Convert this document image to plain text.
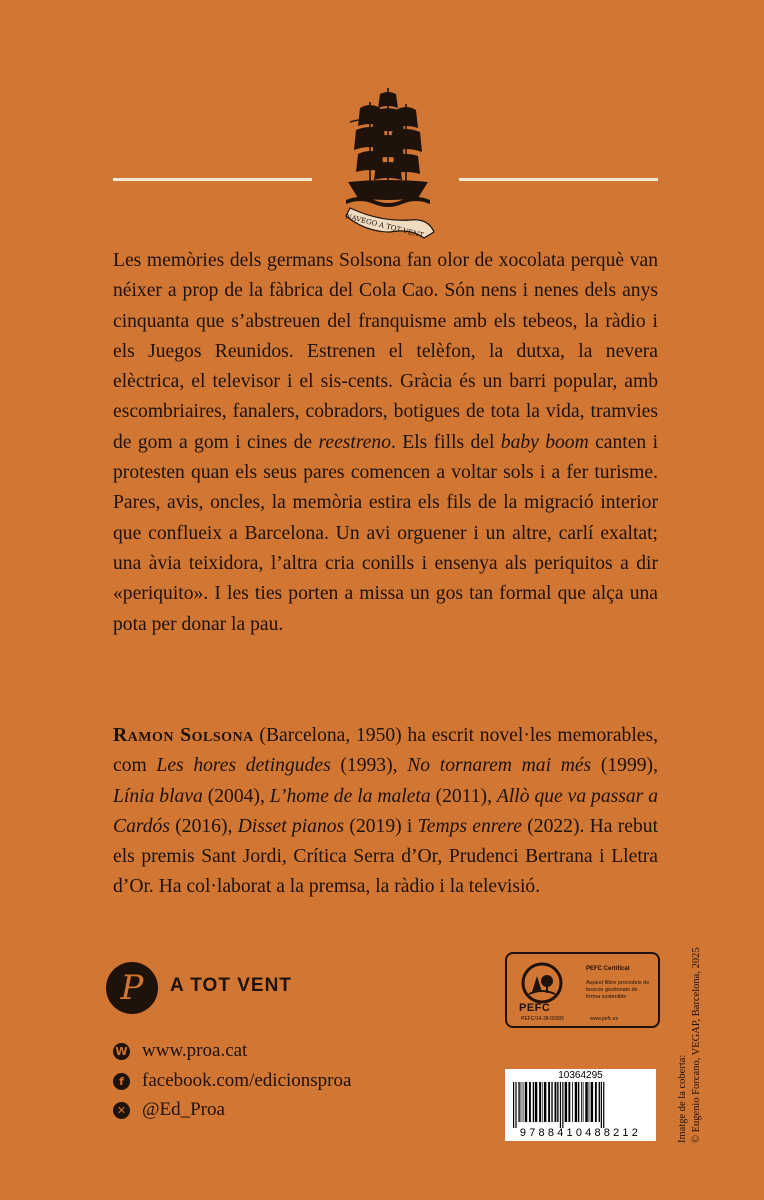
NAVEGO A TOT VENT

Les memòries dels germans Solsona fan olor de xocolata perquè van néixer a prop de la fàbrica del Cola Cao. Són nens i nenes dels anys cinquanta que s’abstreuen del franquisme amb els tebeos, la ràdio i els Juegos Reunidos. Estrenen el telèfon, la dutxa, la nevera elèctrica, el televisor i el sis-cents. Gràcia és un barri popular, amb escombriaires, fanalers, cobradors, botigues de tota la vida, tramvies de gom a gom i cines de reestreno. Els fills del baby boom canten i protesten quan els seus pares comencen a voltar sols i a fer turisme. Pares, avis, oncles, la memòria estira els fils de la migració interior que conflueix a Barcelona. Un avi orguener i un altre, carlí exaltat; una àvia teixidora, l’altra cria conills i ensenya als periquitos a dir «periquito». I les ties porten a missa un gos tan formal que alça una pota per donar la pau.

Ramon Solsona (Barcelona, 1950) ha escrit novel·les memorables, com Les hores detingudes (1993), No tornarem mai més (1999), Línia blava (2004), L’home de la maleta (2011), Allò que va passar a Cardós (2016), Disset pianos (2019) i Temps enrere (2022). Ha rebut els premis Sant Jordi, Crítica Serra d’Or, Prudenci Bertrana i Lletra d’Or. Ha col·laborat a la premsa, la ràdio i la televisió.

P	A TOT VENT
W www.proa.cat
f facebook.com/edicionsproa
✕ @Ed_Proa
PEFC
PEFC/14-38-00305
PEFC Certificat
Aquest llibre procedeix de boscos gestionats de forma sostenible
www.pefc.es
10364295
9788410488212	Imatge de la coberta: © Eugenio Forcano, VEGAP, Barcelona, 2025
